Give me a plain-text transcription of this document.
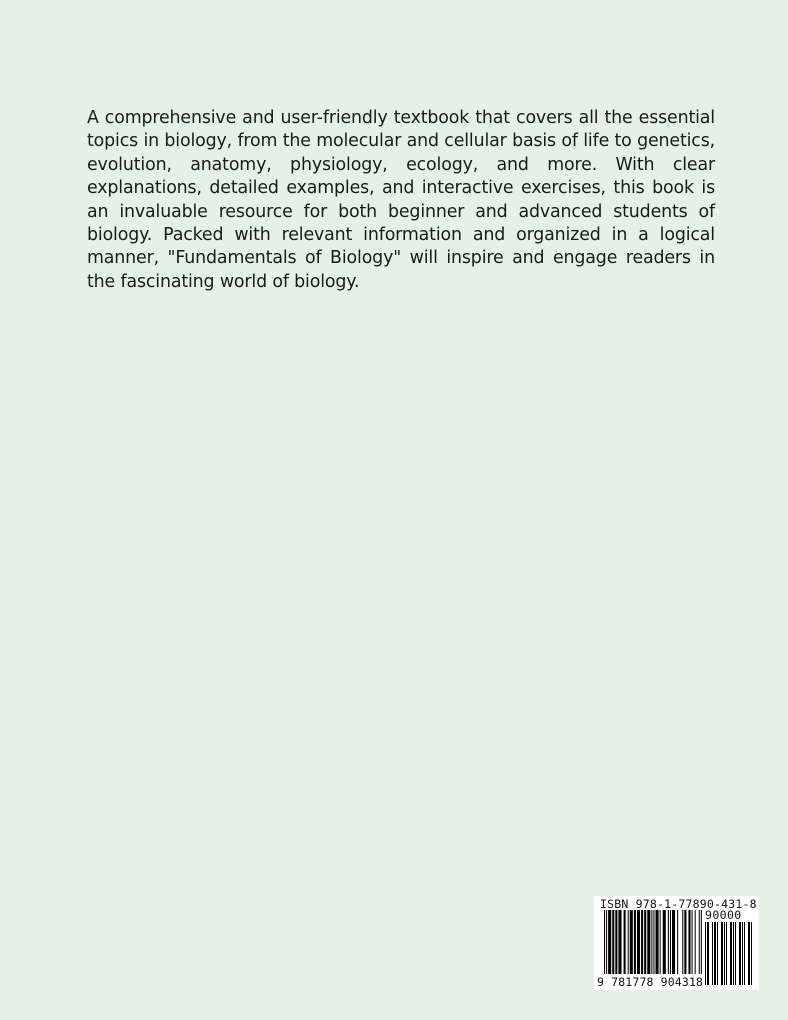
A comprehensive and user-friendly textbook that covers all the essential topics in biology, from the molecular and cellular basis of life to genetics, evolution, anatomy, physiology, ecology, and more. With clear explanations, detailed examples, and interactive exercises, this book is an invaluable resource for both beginner and advanced students of biology. Packed with relevant information and organized in a logical manner, "Fundamentals of Biology" will inspire and engage readers in the fascinating world of biology.

ISBN 978-1-77890-431-8
90000
9 781778 904318
